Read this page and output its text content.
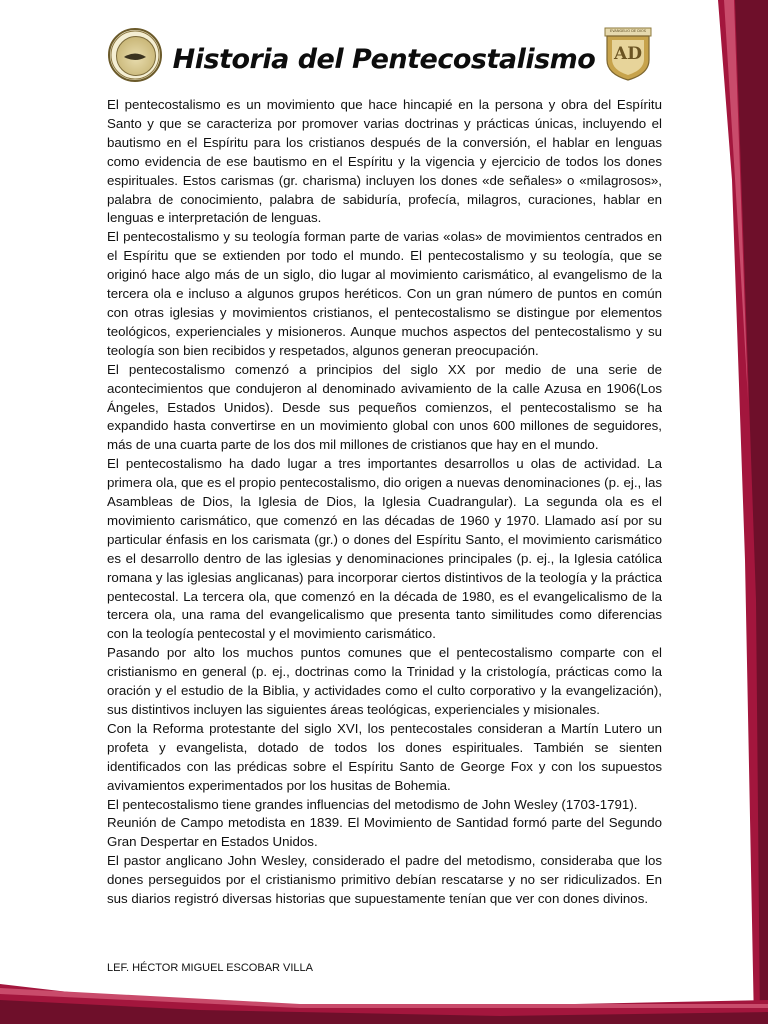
EVANGELIO DE DIOS
AD
Historia del Pentecostalismo

El pentecostalismo es un movimiento que hace hincapié en la persona y obra del Espíritu Santo y que se caracteriza por promover varias doctrinas y prácticas únicas, incluyendo el bautismo en el Espíritu para los cristianos después de la conversión, el hablar en lenguas como evidencia de ese bautismo en el Espíritu y la vigencia y ejercicio de todos los dones espirituales. Estos carismas (gr. charisma) incluyen los dones «de señales» o «milagrosos», palabra de conocimiento, palabra de sabiduría, profecía, milagros, curaciones, hablar en lenguas e interpretación de lenguas.

El pentecostalismo y su teología forman parte de varias «olas» de movimientos centrados en el Espíritu que se extienden por todo el mundo. El pentecostalismo y su teología, que se originó hace algo más de un siglo, dio lugar al movimiento carismático, al evangelismo de la tercera ola e incluso a algunos grupos heréticos. Con un gran número de puntos en común con otras iglesias y movimientos cristianos, el pentecostalismo se distingue por elementos teológicos, experienciales y misioneros. Aunque muchos aspectos del pentecostalismo y su teología son bien recibidos y respetados, algunos generan preocupación.

El pentecostalismo comenzó a principios del siglo XX por medio de una serie de acontecimientos que condujeron al denominado avivamiento de la calle Azusa en 1906(Los Ángeles, Estados Unidos). Desde sus pequeños comienzos, el pentecostalismo se ha expandido hasta convertirse en un movimiento global con unos 600 millones de seguidores, más de una cuarta parte de los dos mil millones de cristianos que hay en el mundo.

El pentecostalismo ha dado lugar a tres importantes desarrollos u olas de actividad. La primera ola, que es el propio pentecostalismo, dio origen a nuevas denominaciones (p. ej., las Asambleas de Dios, la Iglesia de Dios, la Iglesia Cuadrangular). La segunda ola es el movimiento carismático, que comenzó en las décadas de 1960 y 1970. Llamado así por su particular énfasis en los carismata (gr.) o dones del Espíritu Santo, el movimiento carismático es el desarrollo dentro de las iglesias y denominaciones principales (p. ej., la Iglesia católica romana y las iglesias anglicanas) para incorporar ciertos distintivos de la teología y la práctica pentecostal. La tercera ola, que comenzó en la década de 1980, es el evangelicalismo de la tercera ola, una rama del evangelicalismo que presenta tanto similitudes como diferencias con la teología pentecostal y el movimiento carismático.

Pasando por alto los muchos puntos comunes que el pentecostalismo comparte con el cristianismo en general (p. ej., doctrinas como la Trinidad y la cristología, prácticas como la oración y el estudio de la Biblia, y actividades como el culto corporativo y la evangelización), sus distintivos incluyen las siguientes áreas teológicas, experienciales y misionales.

Con la Reforma protestante del siglo XVI, los pentecostales consideran a Martín Lutero un profeta y evangelista, dotado de todos los dones espirituales. También se sienten identificados con las prédicas sobre el Espíritu Santo de George Fox y con los supuestos avivamientos experimentados por los husitas de Bohemia.

El pentecostalismo tiene grandes influencias del metodismo de John Wesley (1703-1791).

Reunión de Campo metodista en 1839. El Movimiento de Santidad formó parte del Segundo Gran Despertar en Estados Unidos.

El pastor anglicano John Wesley, considerado el padre del metodismo, consideraba que los dones perseguidos por el cristianismo primitivo debían rescatarse y no ser ridiculizados. En sus diarios registró diversas historias que supuestamente tenían que ver con dones divinos.

LEF. HÉCTOR MIGUEL ESCOBAR VILLA
